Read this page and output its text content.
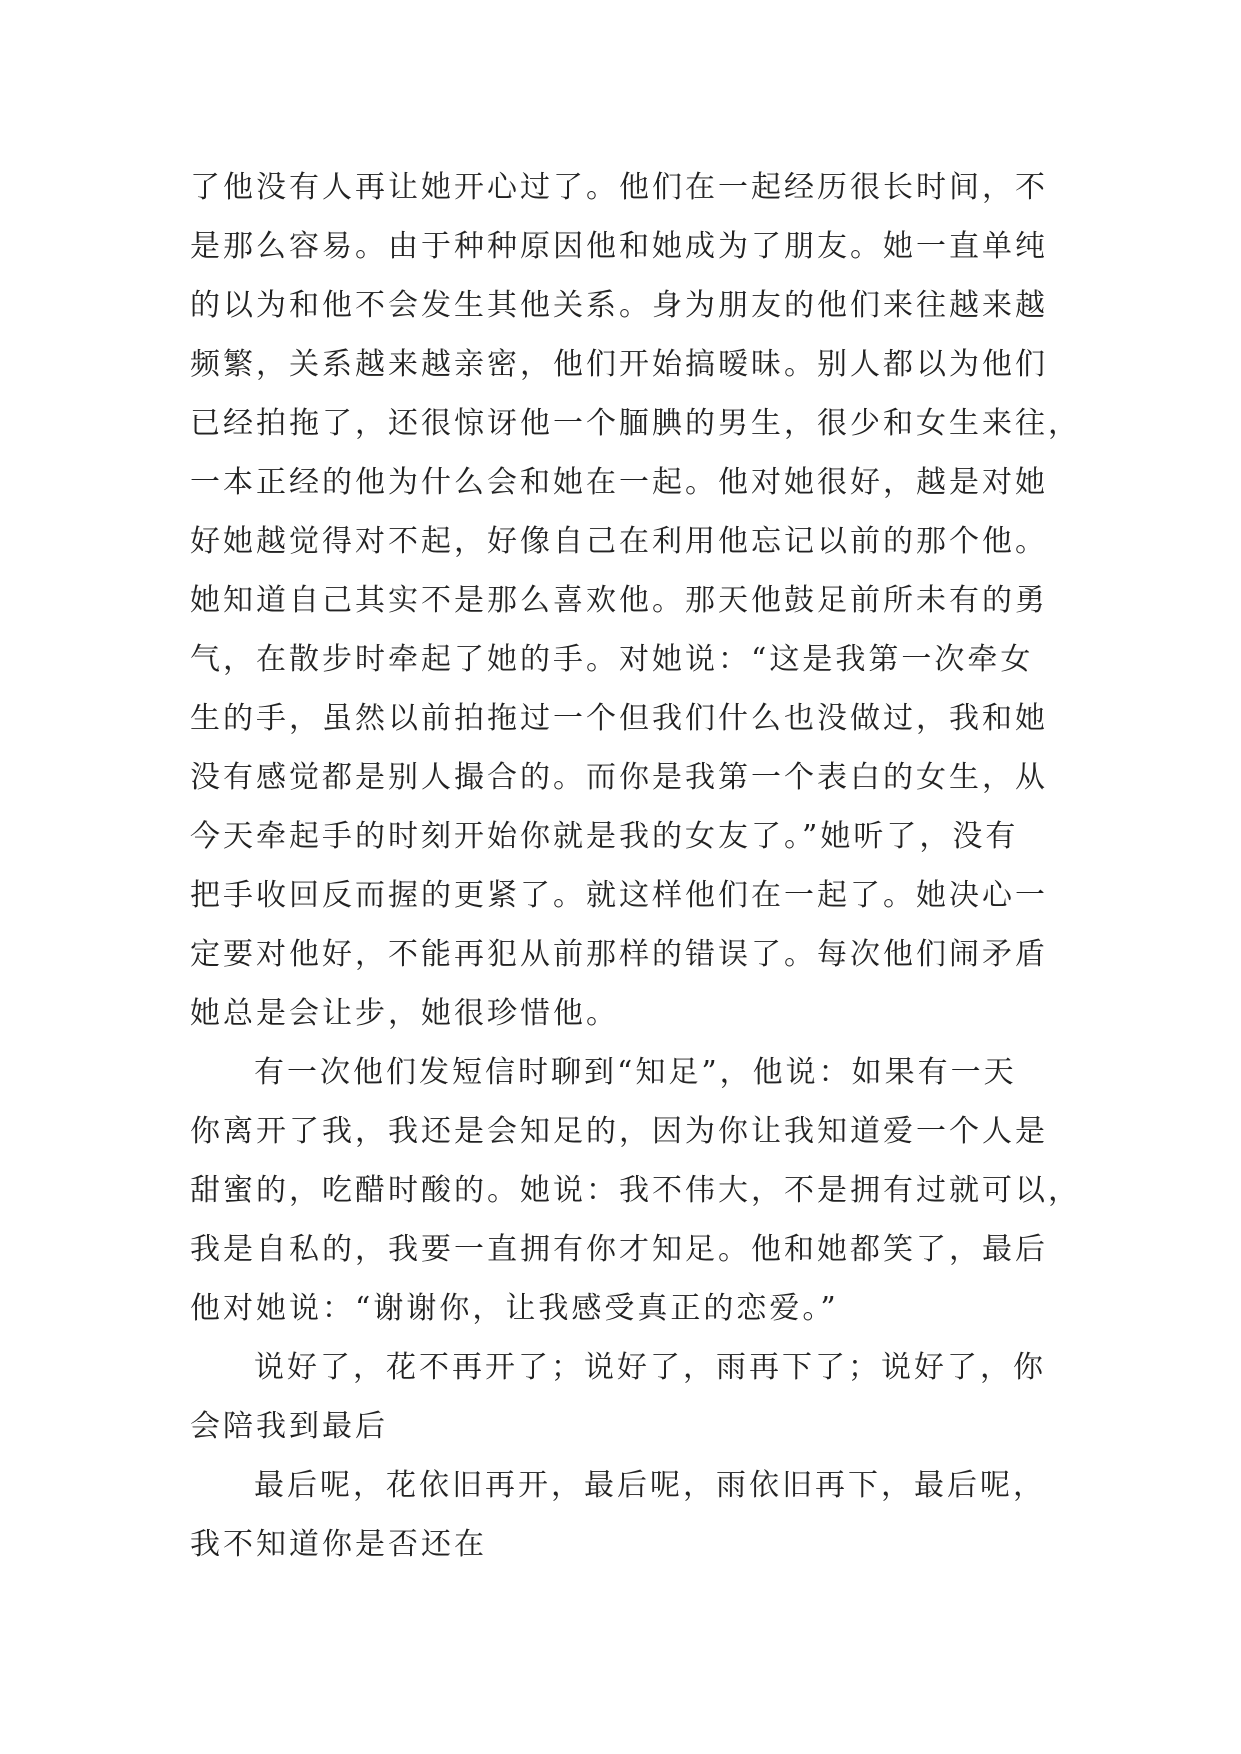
了他没有人再让她开心过了。他们在一起经历很长时间，不
是那么容易。由于种种原因他和她成为了朋友。她一直单纯
的以为和他不会发生其他关系。身为朋友的他们来往越来越
频繁，关系越来越亲密，他们开始搞暧昧。别人都以为他们
已经拍拖了，还很惊讶他一个腼腆的男生，很少和女生来往，
一本正经的他为什么会和她在一起。他对她很好，越是对她
好她越觉得对不起，好像自己在利用他忘记以前的那个他。
她知道自己其实不是那么喜欢他。那天他鼓足前所未有的勇
气，在散步时牵起了她的手。对她说：“这是我第一次牵女
生的手，虽然以前拍拖过一个但我们什么也没做过，我和她
没有感觉都是别人撮合的。而你是我第一个表白的女生，从
今天牵起手的时刻开始你就是我的女友了。”她听了，没有
把手收回反而握的更紧了。就这样他们在一起了。她决心一
定要对他好，不能再犯从前那样的错误了。每次他们闹矛盾
她总是会让步，她很珍惜他。
有一次他们发短信时聊到“知足”，他说：如果有一天
你离开了我，我还是会知足的，因为你让我知道爱一个人是
甜蜜的，吃醋时酸的。她说：我不伟大，不是拥有过就可以，
我是自私的，我要一直拥有你才知足。他和她都笑了，最后
他对她说：“谢谢你，让我感受真正的恋爱。”
说好了，花不再开了；说好了，雨再下了；说好了，你
会陪我到最后
最后呢，花依旧再开，最后呢，雨依旧再下，最后呢，
我不知道你是否还在
